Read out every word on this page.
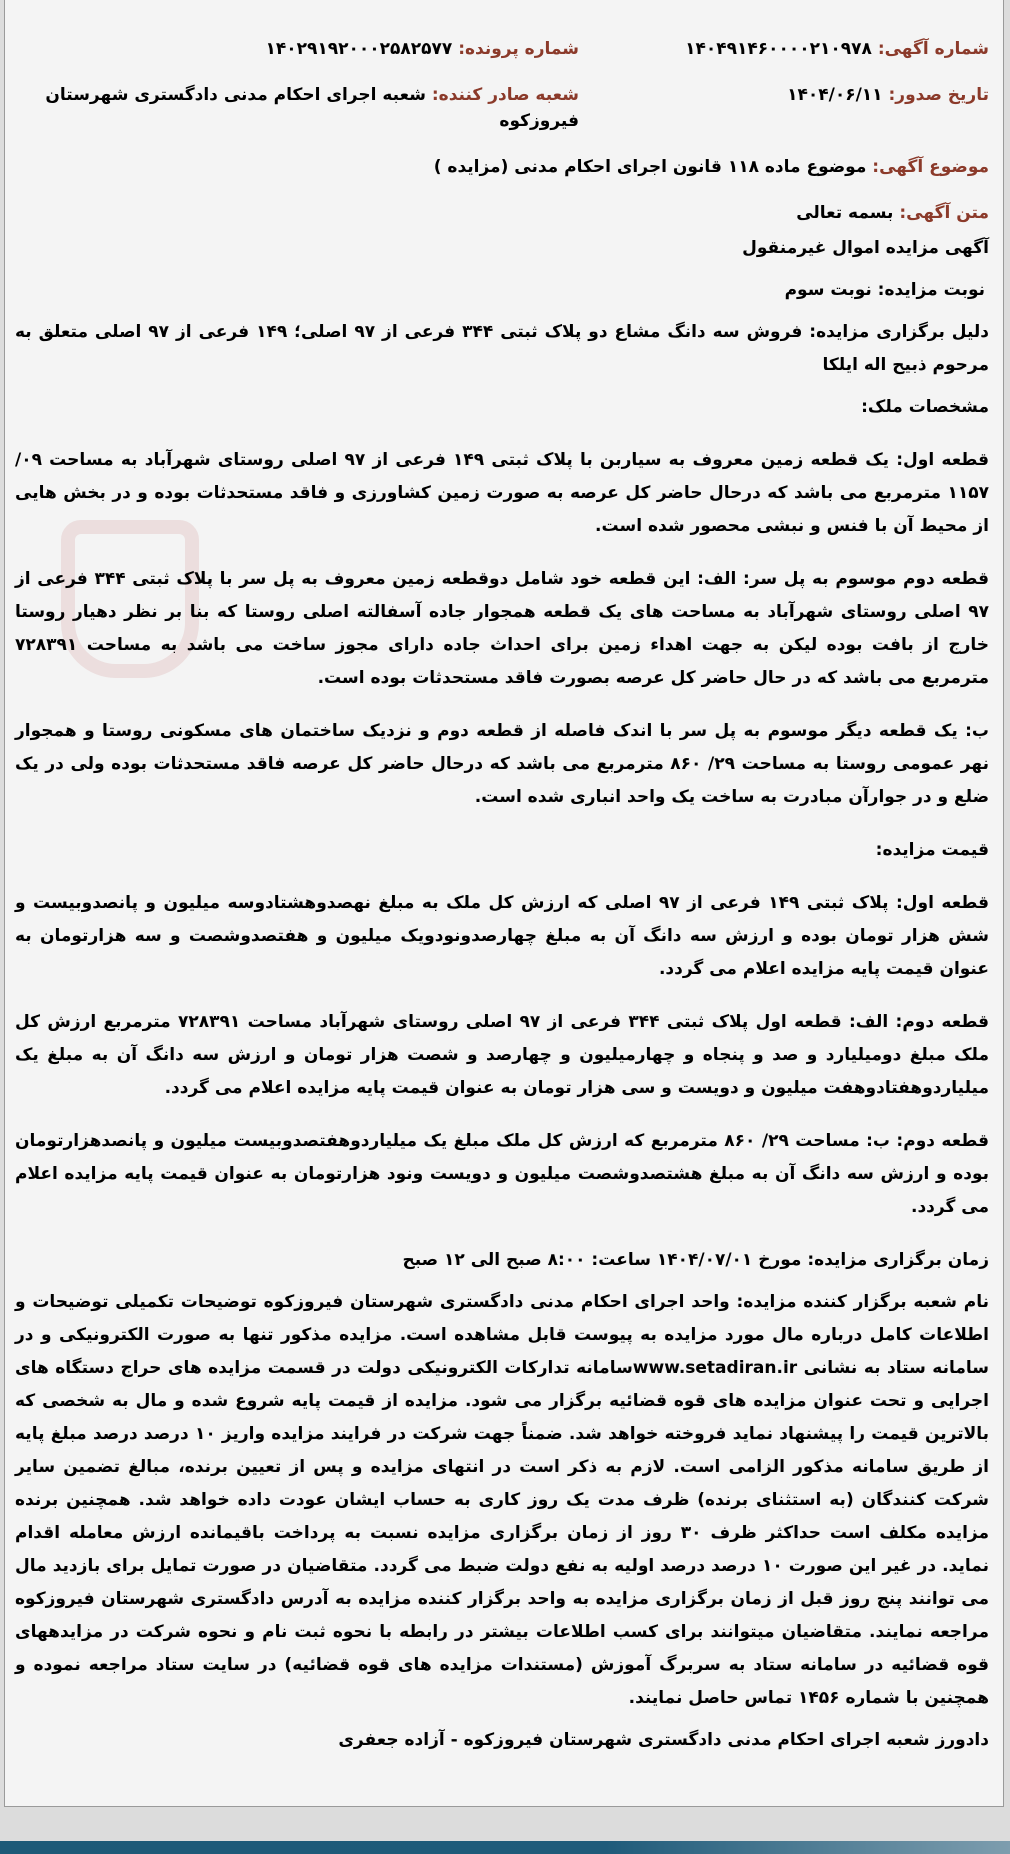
شماره آگهی: ۱۴۰۴۹۱۴۶۰۰۰۰۲۱۰۹۷۸
شماره پرونده: ۱۴۰۲۹۱۹۲۰۰۰۲۵۸۲۵۷۷
تاریخ صدور: ۱۴۰۴/۰۶/۱۱
شعبه صادر کننده: شعبه اجرای احکام مدنی دادگستری شهرستان فیروزکوه
موضوع آگهی: موضوع ماده ۱۱۸ قانون اجرای احکام مدنی (مزایده )
متن آگهی: بسمه تعالی
آگهی مزایده اموال غیرمنقول
نوبت مزایده: نوبت سوم
دلیل برگزاری مزایده: فروش سه دانگ مشاع دو پلاک ثبتی ۳۴۴ فرعی از ۹۷ اصلی؛ ۱۴۹ فرعی از ۹۷ اصلی متعلق به مرحوم ذبیح اله ایلکا
مشخصات ملک:
قطعه اول: یک قطعه زمین معروف به سیاربن با پلاک ثبتی ۱۴۹ فرعی از ۹۷ اصلی روستای شهرآباد به مساحت ۰۹/ ۱۱۵۷ مترمربع می باشد که درحال حاضر کل عرصه به صورت زمین کشاورزی و فاقد مستحدثات بوده و در بخش هایی از محیط آن با فنس و نبشی محصور شده است.
قطعه دوم موسوم به پل سر: الف: این قطعه خود شامل دوقطعه زمین معروف به پل سر با پلاک ثبتی ۳۴۴ فرعی از ۹۷ اصلی روستای شهرآباد به مساحت های یک قطعه همجوار جاده آسفالته اصلی روستا که بنا بر نظر دهیار روستا خارج از بافت بوده لیکن به جهت اهداء زمین برای احداث جاده دارای مجوز ساخت می باشد به مساحت ۷۲۸۳۹۱ مترمربع می باشد که در حال حاضر کل عرصه بصورت فاقد مستحدثات بوده است.
ب: یک قطعه دیگر موسوم به پل سر با اندک فاصله از قطعه دوم و نزدیک ساختمان های مسکونی روستا و همجوار نهر عمومی روستا به مساحت ۲۹/ ۸۶۰ مترمربع می باشد که درحال حاضر کل عرصه فاقد مستحدثات بوده ولی در یک ضلع و در جوارآن مبادرت به ساخت یک واحد انباری شده است.
قیمت مزایده:
قطعه اول: پلاک ثبتی ۱۴۹ فرعی از ۹۷ اصلی که ارزش کل ملک به مبلغ نهصدوهشتادوسه میلیون و پانصدوبیست و شش هزار تومان بوده و ارزش سه دانگ آن به مبلغ چهارصدونودویک میلیون و هفتصدوشصت و سه هزارتومان به عنوان قیمت پایه مزایده اعلام می گردد.
قطعه دوم: الف: قطعه اول پلاک ثبتی ۳۴۴ فرعی از ۹۷ اصلی روستای شهرآباد مساحت ۷۲۸۳۹۱ مترمربع ارزش کل ملک مبلغ دومیلیارد و صد و پنجاه و چهارمیلیون و چهارصد و شصت هزار تومان و ارزش سه دانگ آن به مبلغ یک میلیاردوهفتادوهفت میلیون و دویست و سی هزار تومان به عنوان قیمت پایه مزایده اعلام می گردد.
قطعه دوم: ب: مساحت ۲۹/ ۸۶۰ مترمربع که ارزش کل ملک مبلغ یک میلیاردوهفتصدوبیست میلیون و پانصدهزارتومان بوده و ارزش سه دانگ آن به مبلغ هشتصدوشصت میلیون و دویست ونود هزارتومان به عنوان قیمت پایه مزایده اعلام می گردد.
زمان برگزاری مزایده: مورخ ۱۴۰۴/۰۷/۰۱ ساعت: ۸:۰۰ صبح الی ۱۲ صبح
نام شعبه برگزار کننده مزایده: واحد اجرای احکام مدنی دادگستری شهرستان فیروزکوه توضیحات تکمیلی توضیحات و اطلاعات کامل درباره مال مورد مزایده به پیوست قابل مشاهده است. مزایده مذکور تنها به صورت الکترونیکی و در سامانه ستاد به نشانی www.setadiran.irسامانه تدارکات الکترونیکی دولت در قسمت مزایده های حراج دستگاه های اجرایی و تحت عنوان مزایده های قوه قضائیه برگزار می شود. مزایده از قیمت پایه شروع شده و مال به شخصی که بالاترین قیمت را پیشنهاد نماید فروخته خواهد شد. ضمناً جهت شرکت در فرایند مزایده واریز ۱۰ درصد درصد مبلغ پایه از طریق سامانه مذکور الزامی است. لازم به ذکر است در انتهای مزایده و پس از تعیین برنده، مبالغ تضمین سایر شرکت کنندگان (به استثنای برنده) ظرف مدت یک روز کاری به حساب ایشان عودت داده خواهد شد. همچنین برنده مزایده مکلف است حداکثر ظرف ۳۰ روز از زمان برگزاری مزایده نسبت به پرداخت باقیمانده ارزش معامله اقدام نماید. در غیر این صورت ۱۰ درصد درصد اولیه به نفع دولت ضبط می گردد. متقاضیان در صورت تمایل برای بازدید مال می توانند پنج روز قبل از زمان برگزاری مزایده به واحد برگزار کننده مزایده به آدرس دادگستری شهرستان فیروزکوه مراجعه نمایند. متقاضیان میتوانند برای کسب اطلاعات بیشتر در رابطه با نحوه ثبت نام و نحوه شرکت در مزایدههای قوه قضائیه در سامانه ستاد به سربرگ آموزش (مستندات مزایده های قوه قضائیه) در سایت ستاد مراجعه نموده و همچنین با شماره ۱۴۵۶ تماس حاصل نمایند.
دادورز شعبه اجرای احکام مدنی دادگستری شهرستان فیروزکوه - آزاده جعفری
